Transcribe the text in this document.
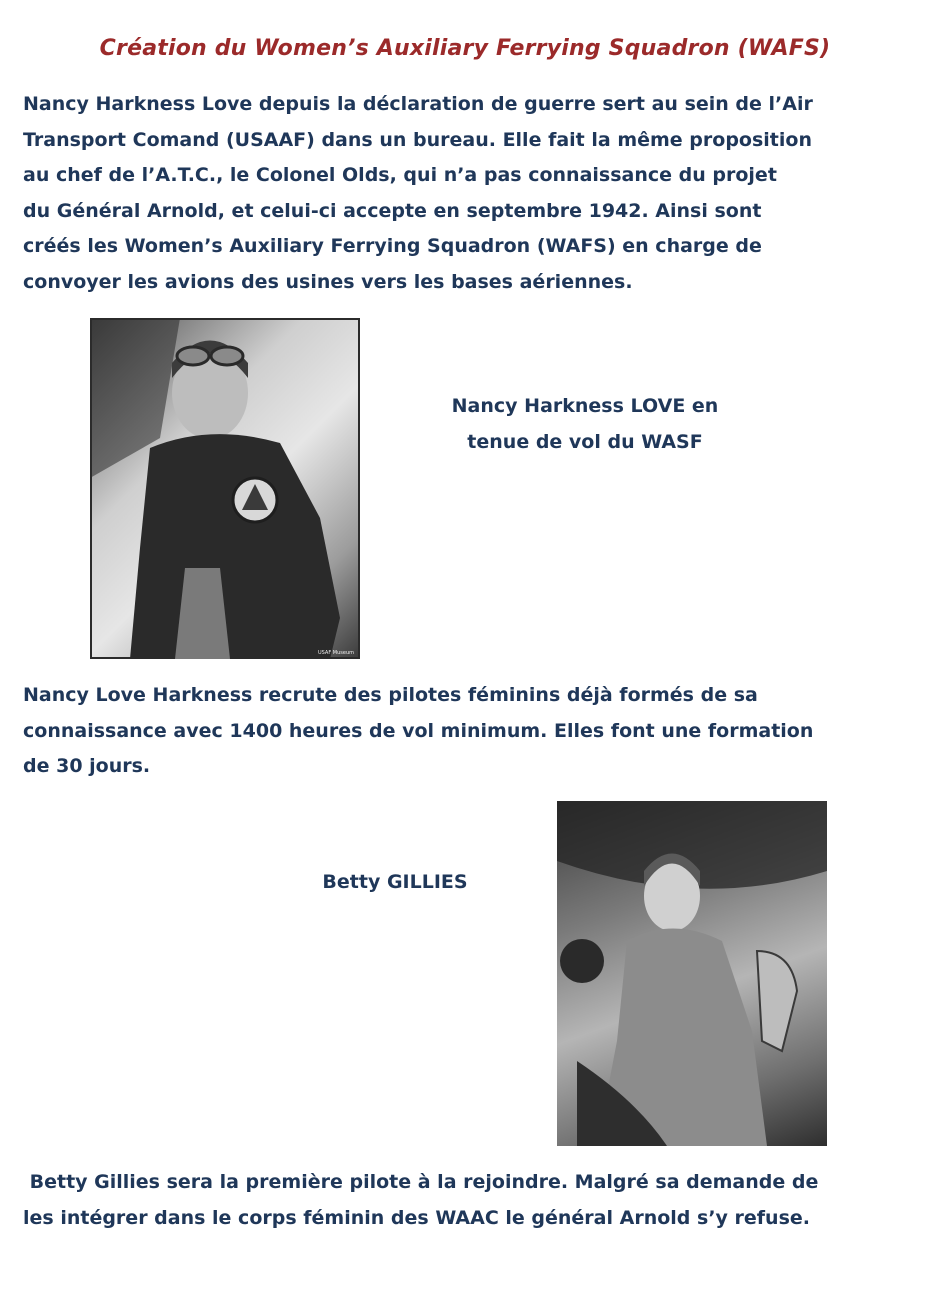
Création du Women’s Auxiliary Ferrying Squadron (WAFS)
Nancy Harkness Love depuis la déclaration de guerre sert au sein de l’Air
Transport Comand (USAAF) dans un bureau. Elle fait la même proposition
au chef de l’A.T.C., le Colonel Olds, qui n’a pas connaissance du projet
du Général Arnold, et celui-ci accepte en septembre 1942. Ainsi sont
créés les Women’s Auxiliary Ferrying Squadron (WAFS) en charge de
convoyer les avions des usines vers les bases aériennes.
USAF Museum
Nancy Harkness LOVE en
tenue de vol du WASF
Nancy Love Harkness recrute des pilotes féminins déjà formés de sa
connaissance avec 1400 heures de vol minimum. Elles font une formation
de 30 jours.
Betty GILLIES
Betty Gillies sera la première pilote à la rejoindre. Malgré sa demande de
les intégrer dans le corps féminin des WAAC le général Arnold s’y refuse.
